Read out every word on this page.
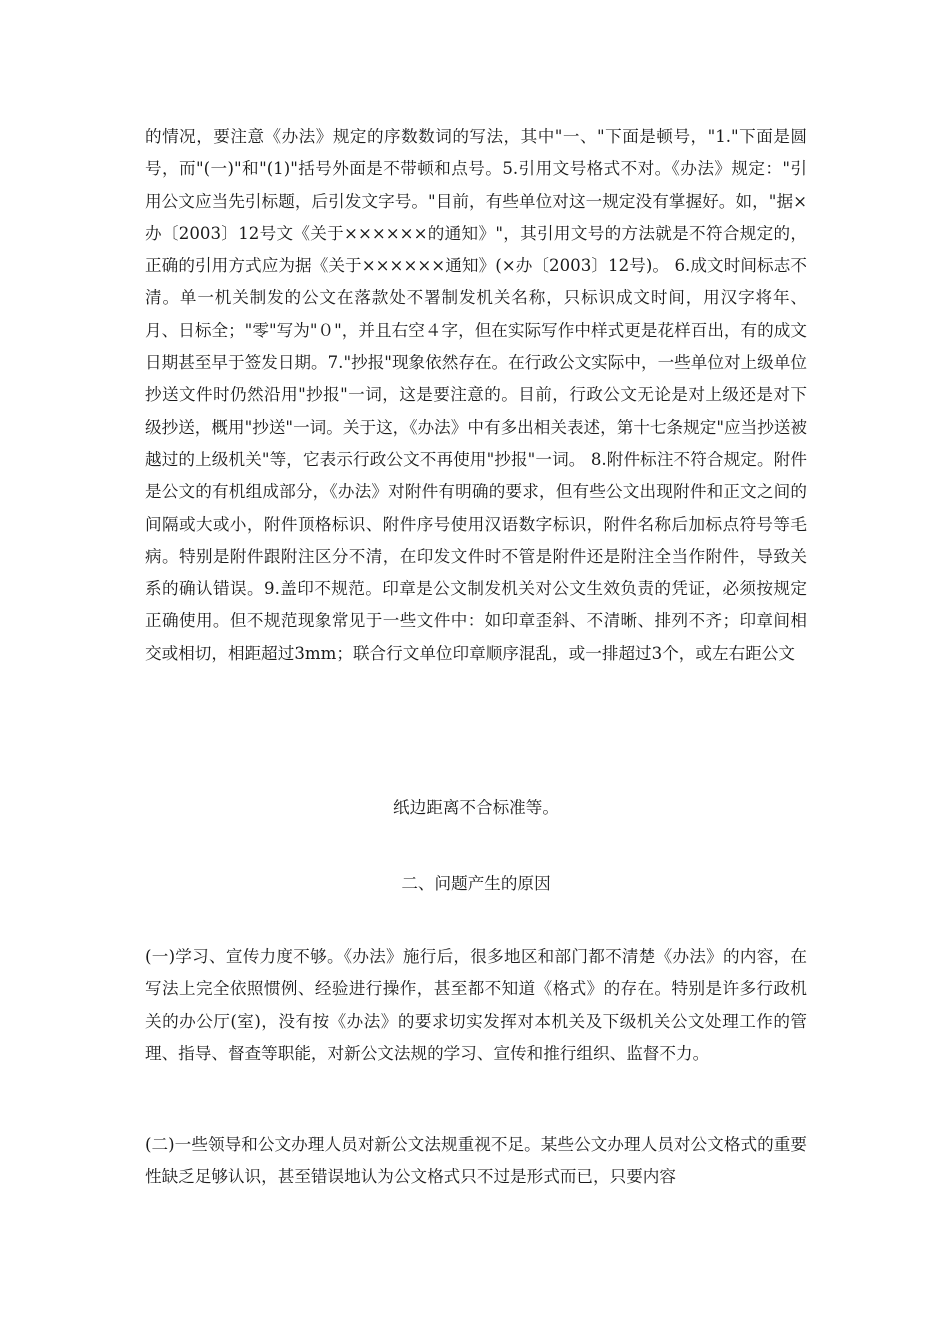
的情况，要注意《办法》规定的序数数词的写法，其中"一、"下面是顿号，"1."下面是圆号，而"(一)"和"(1)"括号外面是不带顿和点号。5.引用文号格式不对。《办法》规定："引用公文应当先引标题，后引发文字号。"目前，有些单位对这一规定没有掌握好。如，"据×办〔2003〕12号文《关于××××××的通知》"，其引用文号的方法就是不符合规定的，正确的引用方式应为据《关于××××××通知》(×办〔2003〕12号)。 6.成文时间标志不清。单一机关制发的公文在落款处不署制发机关名称，只标识成文时间，用汉字将年、月、日标全；"零"写为"０"，并且右空４字，但在实际写作中样式更是花样百出，有的成文日期甚至早于签发日期。7."抄报"现象依然存在。在行政公文实际中，一些单位对上级单位抄送文件时仍然沿用"抄报"一词，这是要注意的。目前，行政公文无论是对上级还是对下级抄送，概用"抄送"一词。关于这，《办法》中有多出相关表述，第十七条规定"应当抄送被越过的上级机关"等，它表示行政公文不再使用"抄报"一词。 8.附件标注不符合规定。附件是公文的有机组成部分，《办法》对附件有明确的要求，但有些公文出现附件和正文之间的间隔或大或小，附件顶格标识、附件序号使用汉语数字标识，附件名称后加标点符号等毛病。特别是附件跟附注区分不清，在印发文件时不管是附件还是附注全当作附件，导致关系的确认错误。9.盖印不规范。印章是公文制发机关对公文生效负责的凭证，必须按规定正确使用。但不规范现象常见于一些文件中：如印章歪斜、不清晰、排列不齐；印章间相交或相切，相距超过3mm；联合行文单位印章顺序混乱，或一排超过3个，或左右距公文

纸边距离不合标准等。

二、问题产生的原因

(一)学习、宣传力度不够。《办法》施行后，很多地区和部门都不清楚《办法》的内容，在写法上完全依照惯例、经验进行操作，甚至都不知道《格式》的存在。特别是许多行政机关的办公厅(室)，没有按《办法》的要求切实发挥对本机关及下级机关公文处理工作的管理、指导、督查等职能，对新公文法规的学习、宣传和推行组织、监督不力。

(二)一些领导和公文办理人员对新公文法规重视不足。某些公文办理人员对公文格式的重要性缺乏足够认识，甚至错误地认为公文格式只不过是形式而已，只要内容
